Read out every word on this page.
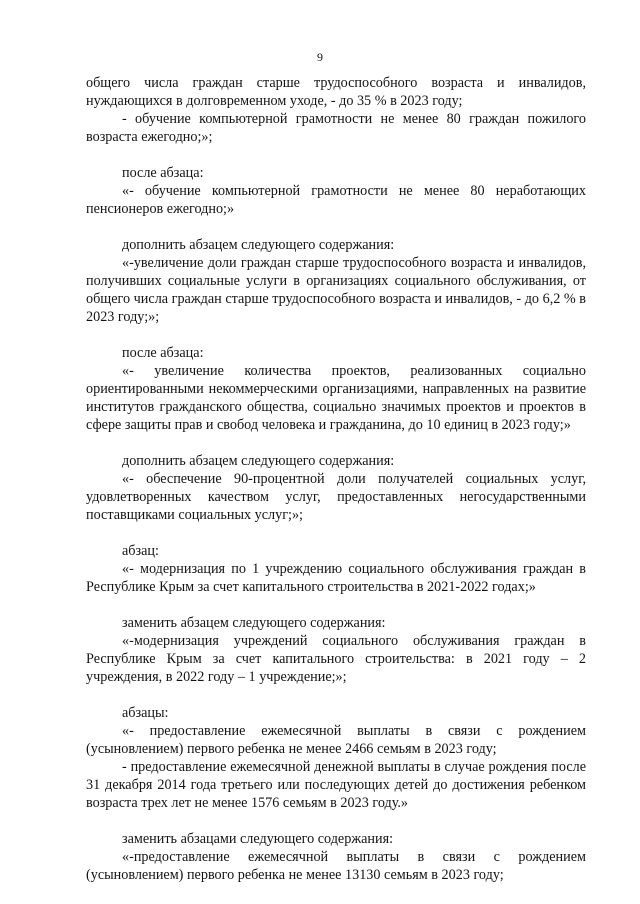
9

общего числа граждан старше трудоспособного возраста и инвалидов, нуждающихся в долговременном уходе, - до 35 % в 2023 году;

- обучение компьютерной грамотности не менее 80 граждан пожилого возраста ежегодно;»;

после абзаца:

«- обучение компьютерной грамотности не менее 80 неработающих пенсионеров ежегодно;»

дополнить абзацем следующего содержания:

«-увеличение доли граждан старше трудоспособного возраста и инвалидов, получивших социальные услуги в организациях социального обслуживания, от общего числа граждан старше трудоспособного возраста и инвалидов, - до 6,2 % в 2023 году;»;

после абзаца:

«- увеличение количества проектов, реализованных социально ориентированными некоммерческими организациями, направленных на развитие институтов гражданского общества, социально значимых проектов и проектов в сфере защиты прав и свобод человека и гражданина, до 10 единиц в 2023 году;»

дополнить абзацем следующего содержания:

«- обеспечение 90-процентной доли получателей социальных услуг, удовлетворенных качеством услуг, предоставленных негосударственными поставщиками социальных услуг;»;

абзац:

«- модернизация по 1 учреждению социального обслуживания граждан в Республике Крым за счет капитального строительства в 2021-2022 годах;»

заменить абзацем следующего содержания:

«-модернизация учреждений социального обслуживания граждан в Республике Крым за счет капитального строительства: в 2021 году – 2 учреждения, в 2022 году – 1 учреждение;»;

абзацы:

«- предоставление ежемесячной выплаты в связи с рождением (усыновлением) первого ребенка не менее 2466 семьям в 2023 году;

- предоставление ежемесячной денежной выплаты в случае рождения после 31 декабря 2014 года третьего или последующих детей до достижения ребенком возраста трех лет не менее 1576 семьям в 2023 году.»

заменить абзацами следующего содержания:

«-предоставление ежемесячной выплаты в связи с рождением (усыновлением) первого ребенка не менее 13130 семьям в 2023 году;
